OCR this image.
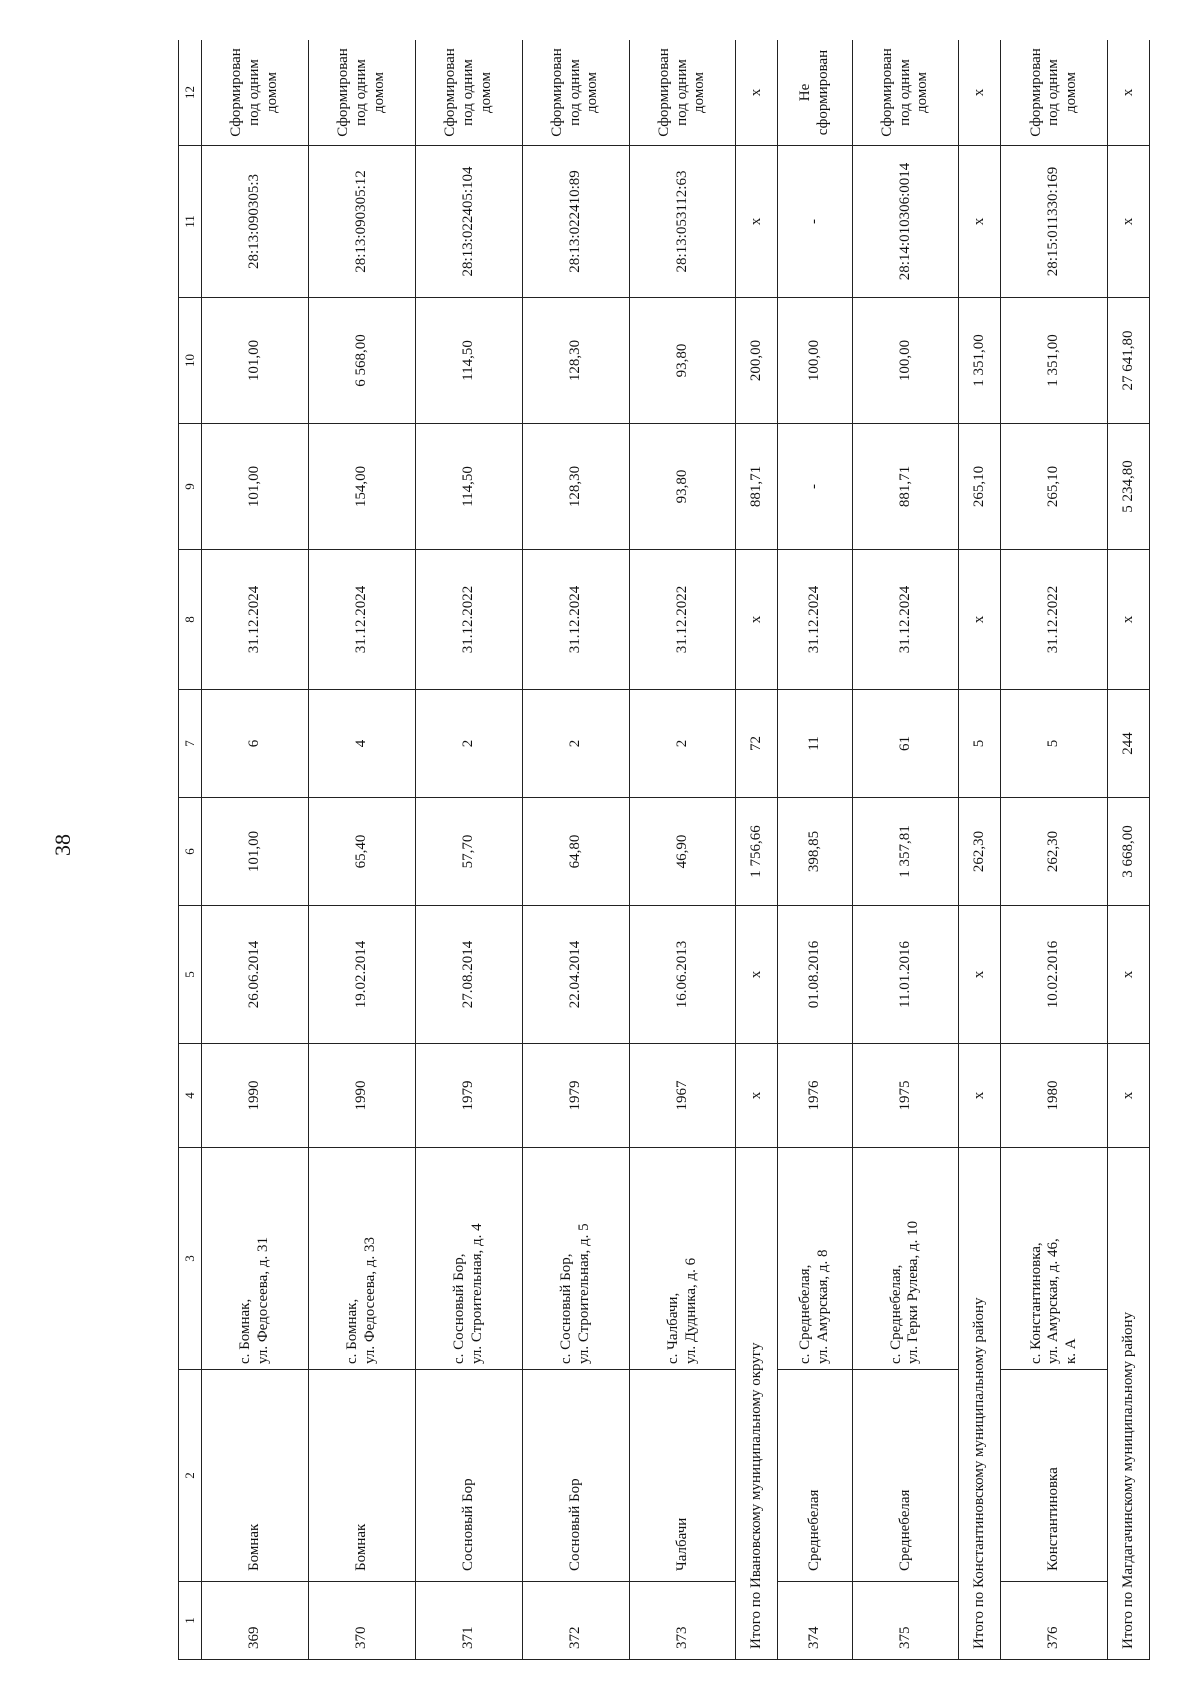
38
1	2	3	4	5	6	7	8	9	10	11	12
369	Бомнак	с. Бомнак, ул. Федосеева, д. 31	1990	26.06.2014	101,00	6	31.12.2024	101,00	101,00	28:13:090305:3	Сформирован под одним домом
370	Бомнак	с. Бомнак, ул. Федосеева, д. 33	1990	19.02.2014	65,40	4	31.12.2024	154,00	6 568,00	28:13:090305:12	Сформирован под одним домом
371	Сосновый Бор	с. Сосновый Бор, ул. Строительная, д. 4	1979	27.08.2014	57,70	2	31.12.2022	114,50	114,50	28:13:022405:104	Сформирован под одним домом
372	Сосновый Бор	с. Сосновый Бор, ул. Строительная, д. 5	1979	22.04.2014	64,80	2	31.12.2024	128,30	128,30	28:13:022410:89	Сформирован под одним домом
373	Чалбачи	с. Чалбачи, ул. Дудника, д. 6	1967	16.06.2013	46,90	2	31.12.2022	93,80	93,80	28:13:053112:63	Сформирован под одним домом
Итого по Ивановскому муниципальному округу			x	x	1 756,66	72	x	881,71	200,00	x	x
374	Среднебелая	с. Среднебелая, ул. Амурская, д. 8	1976	01.08.2016	398,85	11	31.12.2024	-	100,00	-	Не сформирован
375	Среднебелая	с. Среднебелая, ул. Герки Рулева, д. 10	1975	11.01.2016	1 357,81	61	31.12.2024	881,71	100,00	28:14:010306:0014	Сформирован под одним домом
Итого по Константиновскому муниципальному району			x	x	262,30	5	x	265,10	1 351,00	x	x
376	Константиновка	с. Константиновка, ул. Амурская, д. 46, к. А	1980	10.02.2016	262,30	5	31.12.2022	265,10	1 351,00	28:15:011330:169	Сформирован под одним домом
Итого по Магдагачинскому муниципальному району			x	x	3 668,00	244	x	5 234,80	27 641,80	x	x
